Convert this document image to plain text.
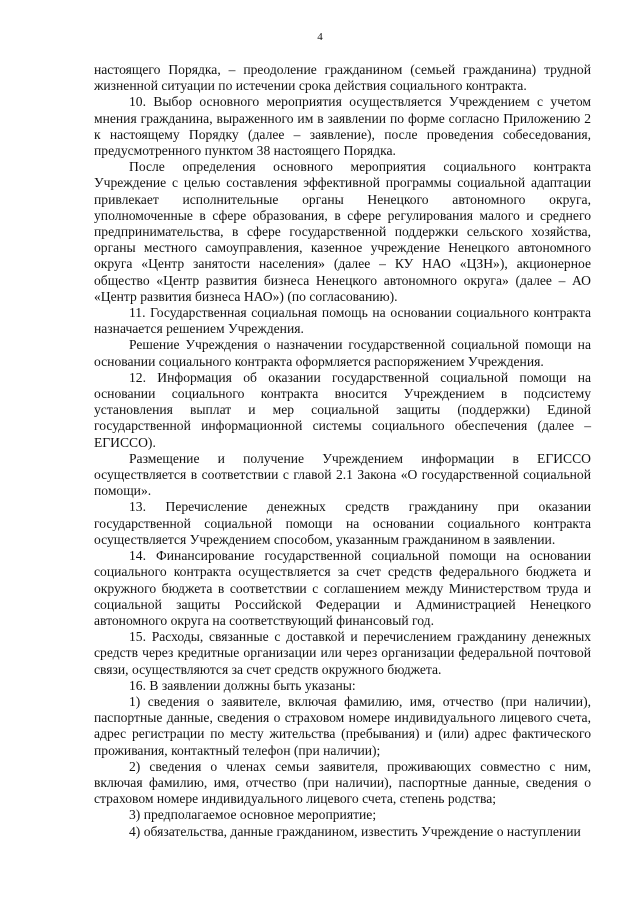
4

настоящего Порядка, – преодоление гражданином (семьей гражданина) трудной жизненной ситуации по истечении срока действия социального контракта.

10. Выбор основного мероприятия осуществляется Учреждением с учетом мнения гражданина, выраженного им в заявлении по форме согласно Приложению 2 к настоящему Порядку (далее – заявление), после проведения собеседования, предусмотренного пунктом 38 настоящего Порядка.

После определения основного мероприятия социального контракта Учреждение с целью составления эффективной программы социальной адаптации привлекает исполнительные органы Ненецкого автономного округа, уполномоченные в сфере образования, в сфере регулирования малого и среднего предпринимательства, в сфере государственной поддержки сельского хозяйства, органы местного самоуправления, казенное учреждение Ненецкого автономного округа «Центр занятости населения» (далее – КУ НАО «ЦЗН»), акционерное общество «Центр развития бизнеса Ненецкого автономного округа» (далее – АО «Центр развития бизнеса НАО») (по согласованию).

11. Государственная социальная помощь на основании социального контракта назначается решением Учреждения.

Решение Учреждения о назначении государственной социальной помощи на основании социального контракта оформляется распоряжением Учреждения.

12. Информация об оказании государственной социальной помощи на основании социального контракта вносится Учреждением в подсистему установления выплат и мер социальной защиты (поддержки) Единой государственной информационной системы социального обеспечения (далее – ЕГИССО).

Размещение и получение Учреждением информации в ЕГИССО осуществляется в соответствии с главой 2.1 Закона «О государственной социальной помощи».

13. Перечисление денежных средств гражданину при оказании государственной социальной помощи на основании социального контракта осуществляется Учреждением способом, указанным гражданином в заявлении.

14. Финансирование государственной социальной помощи на основании социального контракта осуществляется за счет средств федерального бюджета и окружного бюджета в соответствии с соглашением между Министерством труда и социальной защиты Российской Федерации и Администрацией Ненецкого автономного округа на соответствующий финансовый год.

15. Расходы, связанные с доставкой и перечислением гражданину денежных средств через кредитные организации или через организации федеральной почтовой связи, осуществляются за счет средств окружного бюджета.

16. В заявлении должны быть указаны:

1) сведения о заявителе, включая фамилию, имя, отчество (при наличии), паспортные данные, сведения о страховом номере индивидуального лицевого счета, адрес регистрации по месту жительства (пребывания) и (или) адрес фактического проживания, контактный телефон (при наличии);

2) сведения о членах семьи заявителя, проживающих совместно с ним, включая фамилию, имя, отчество (при наличии), паспортные данные, сведения о страховом номере индивидуального лицевого счета, степень родства;

3) предполагаемое основное мероприятие;

4) обязательства, данные гражданином, известить Учреждение о наступлении
